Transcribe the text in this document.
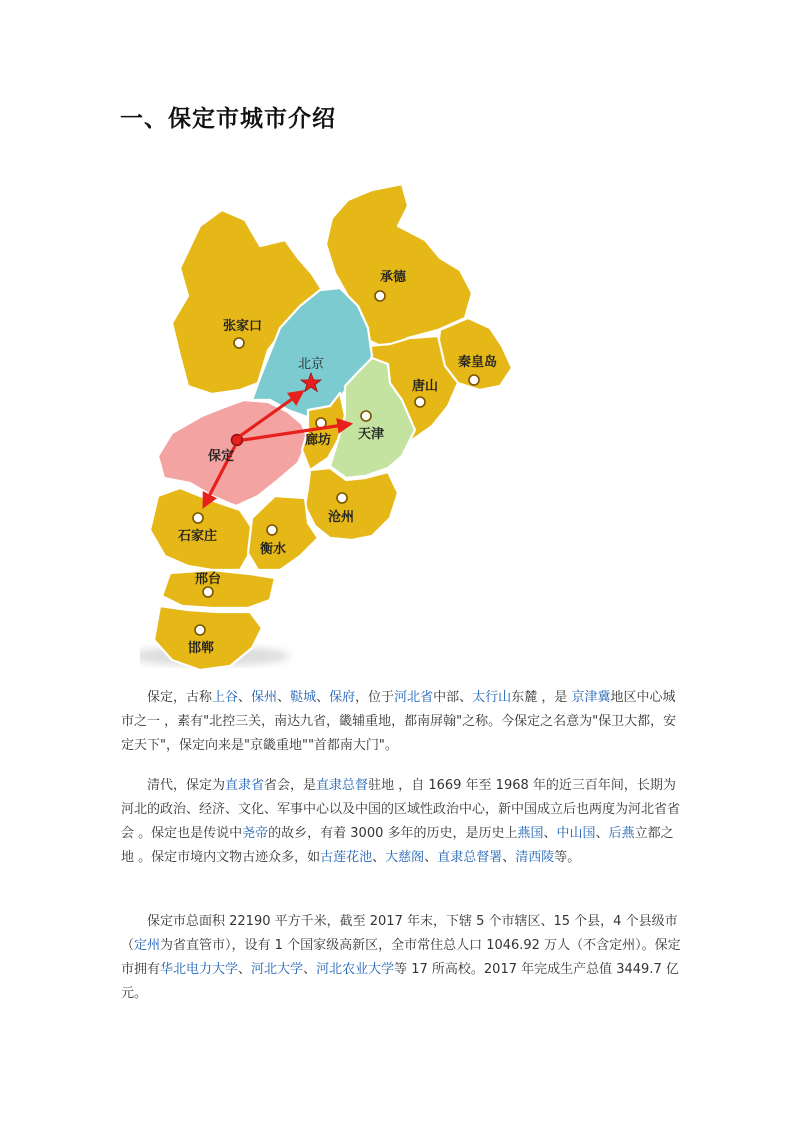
一、保定市城市介绍
张家口
承德
北京	秦皇岛
唐山
天津
廊坊
保定
沧州
石家庄
衡水
邢台
邯郸

保定，古称上谷、保州、鞑城、保府，位于河北省中部、太行山东麓 ，是 京津冀地区中心城市之一 ，素有"北控三关，南达九省，畿辅重地，都南屏翰"之称。今保定之名意为"保卫大都，安定天下"，保定向来是"京畿重地""首都南大门"。

清代，保定为直隶省省会，是直隶总督驻地 ，自 1669 年至 1968 年的近三百年间，长期为河北的政治、经济、文化、军事中心以及中国的区域性政治中心，新中国成立后也两度为河北省省会 。保定也是传说中尧帝的故乡，有着 3000 多年的历史，是历史上燕国、中山国、后燕立都之地 。保定市境内文物古迹众多，如古莲花池、大慈阁、直隶总督署、清西陵等。

保定市总面积 22190 平方千米，截至 2017 年末，下辖 5 个市辖区、15 个县，4 个县级市（定州为省直管市），设有 1 个国家级高新区，全市常住总人口 1046.92 万人（不含定州）。保定市拥有华北电力大学、河北大学、河北农业大学等 17 所高校。2017 年完成生产总值 3449.7 亿元。
